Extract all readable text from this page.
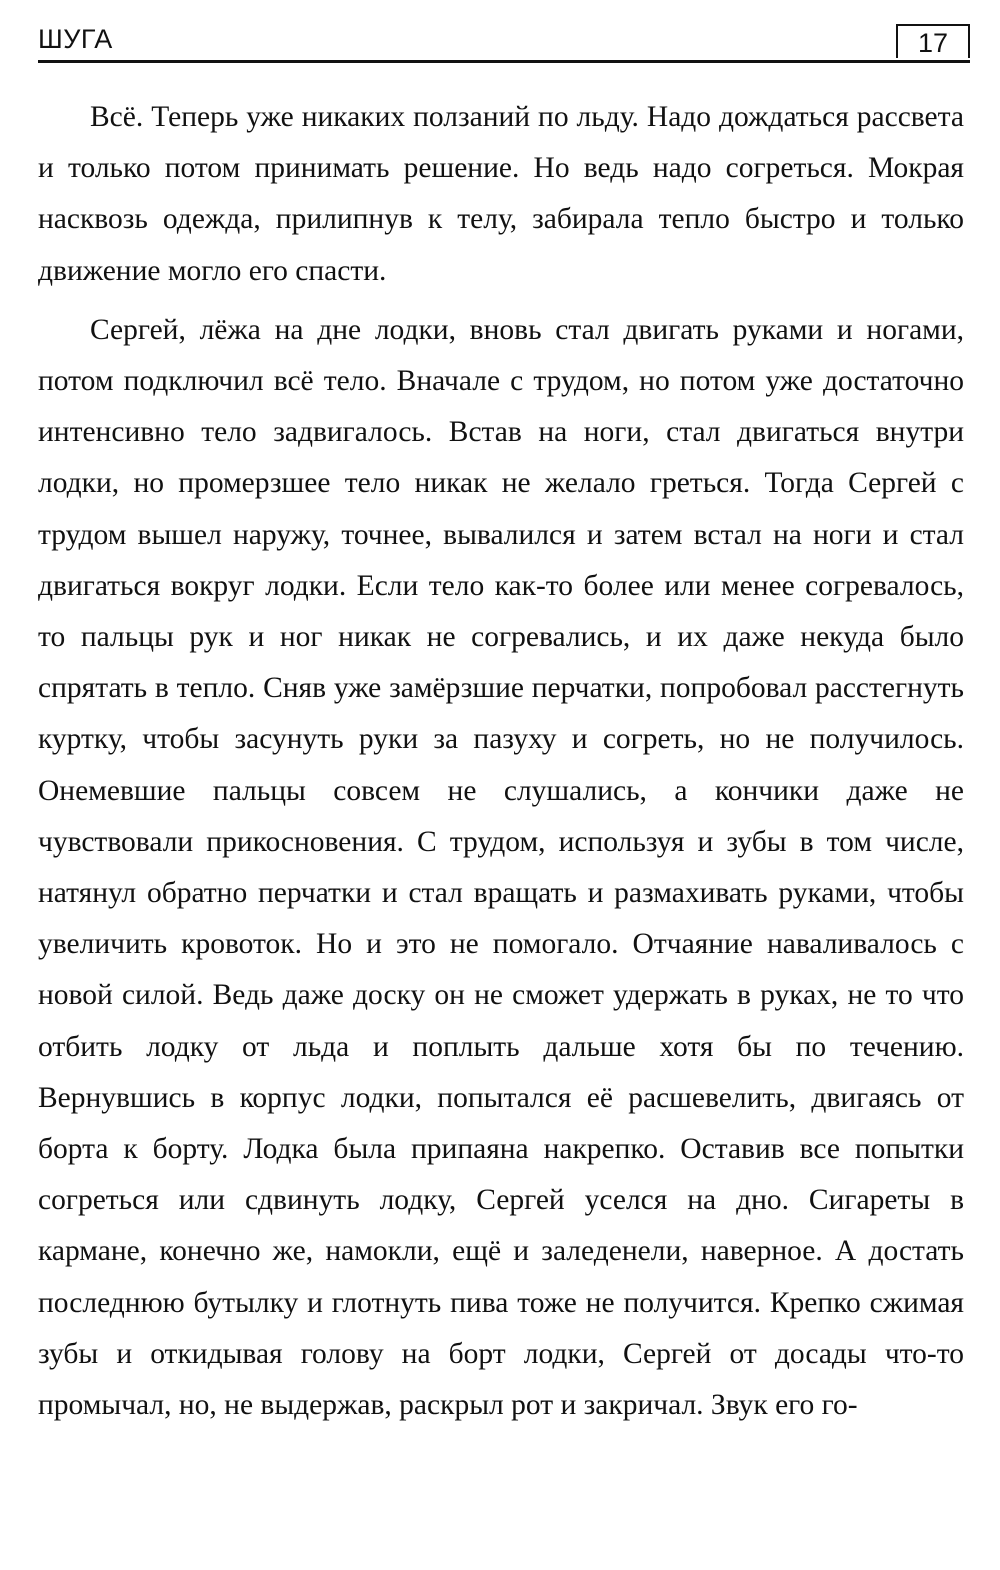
ШУГА	17

Всё. Теперь уже никаких ползаний по льду. Надо дождаться рассвета и только потом принимать решение. Но ведь надо согреться. Мокрая насквозь одежда, прилипнув к телу, забирала тепло быстро и только движение могло его спасти.

Сергей, лёжа на дне лодки, вновь стал двигать руками и ногами, потом подключил всё тело. Вначале с трудом, но потом уже достаточно интенсивно тело задвигалось. Встав на ноги, стал двигаться внутри лодки, но промерзшее тело никак не желало греться. Тогда Сергей с трудом вышел наружу, точнее, вывалился и затем встал на ноги и стал двигаться вокруг лодки. Если тело как-то более или менее согревалось, то пальцы рук и ног никак не согревались, и их даже некуда было спрятать в тепло. Сняв уже замёрзшие перчатки, попробовал расстегнуть куртку, чтобы засунуть руки за пазуху и согреть, но не получилось. Онемевшие пальцы совсем не слушались, а кончики даже не чувствовали прикосновения. С трудом, используя и зубы в том числе, натянул обратно перчатки и стал вращать и размахивать руками, чтобы увеличить кровоток. Но и это не помогало. Отчаяние наваливалось с новой силой. Ведь даже доску он не сможет удержать в руках, не то что отбить лодку от льда и поплыть дальше хотя бы по течению. Вернувшись в корпус лодки, попытался её расшевелить, двигаясь от борта к борту. Лодка была припаяна накрепко. Оставив все попытки согреться или сдвинуть лодку, Сергей уселся на дно. Сигареты в кармане, конечно же, намокли, ещё и заледенели, наверное. А достать последнюю бутылку и глотнуть пива тоже не получится. Крепко сжимая зубы и откидывая голову на борт лодки, Сергей от досады что-то промычал, но, не выдержав, раскрыл рот и закричал. Звук его го-
